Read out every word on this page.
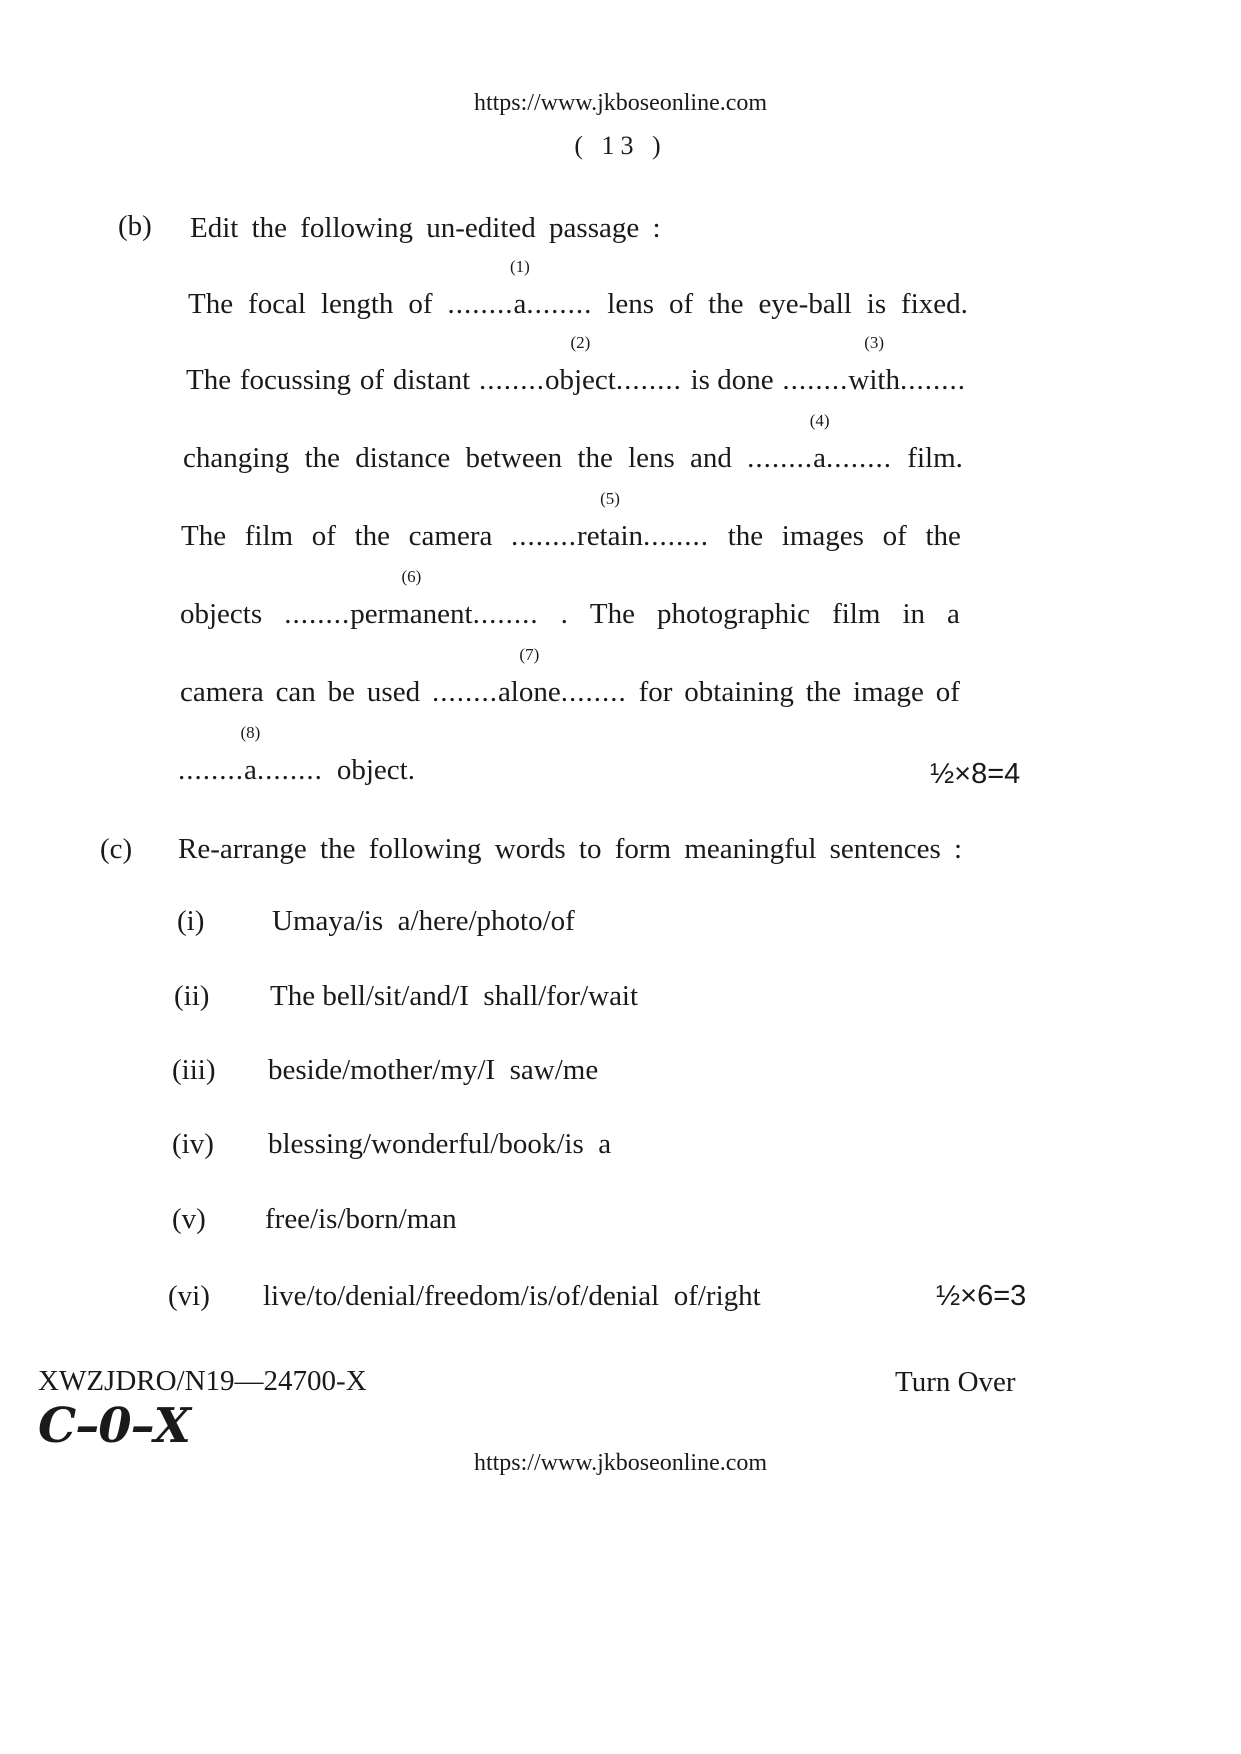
https://www.jkboseonline.com
( 13 )
(b) Edit the following un-edited passage :
The focal length of
(1)
........a........ lens of the eye-ball is fixed.
The focussing of distant
(2)
........object........ is done
(3)
........with........
changing the distance between the lens and
(4)
........a........ film.
The film of the camera
(5)
........retain........ the images of the
objects
(6)
........permanent........ . The photographic film in a
camera can be used
(7)
........alone........ for obtaining the image of
(8)
........a........ object.	½×8=4
(c) Re-arrange the following words to form meaningful sentences :
(i) Umaya/is  a/here/photo/of
(ii) The bell/sit/and/I  shall/for/wait
(iii) beside/mother/my/I  saw/me
(iv) blessing/wonderful/book/is  a
(v) free/is/born/man
(vi) live/to/denial/freedom/is/of/denial  of/right	½×6=3
XWZJDRO/N19—24700-X	Turn Over
C–0–X
https://www.jkboseonline.com
